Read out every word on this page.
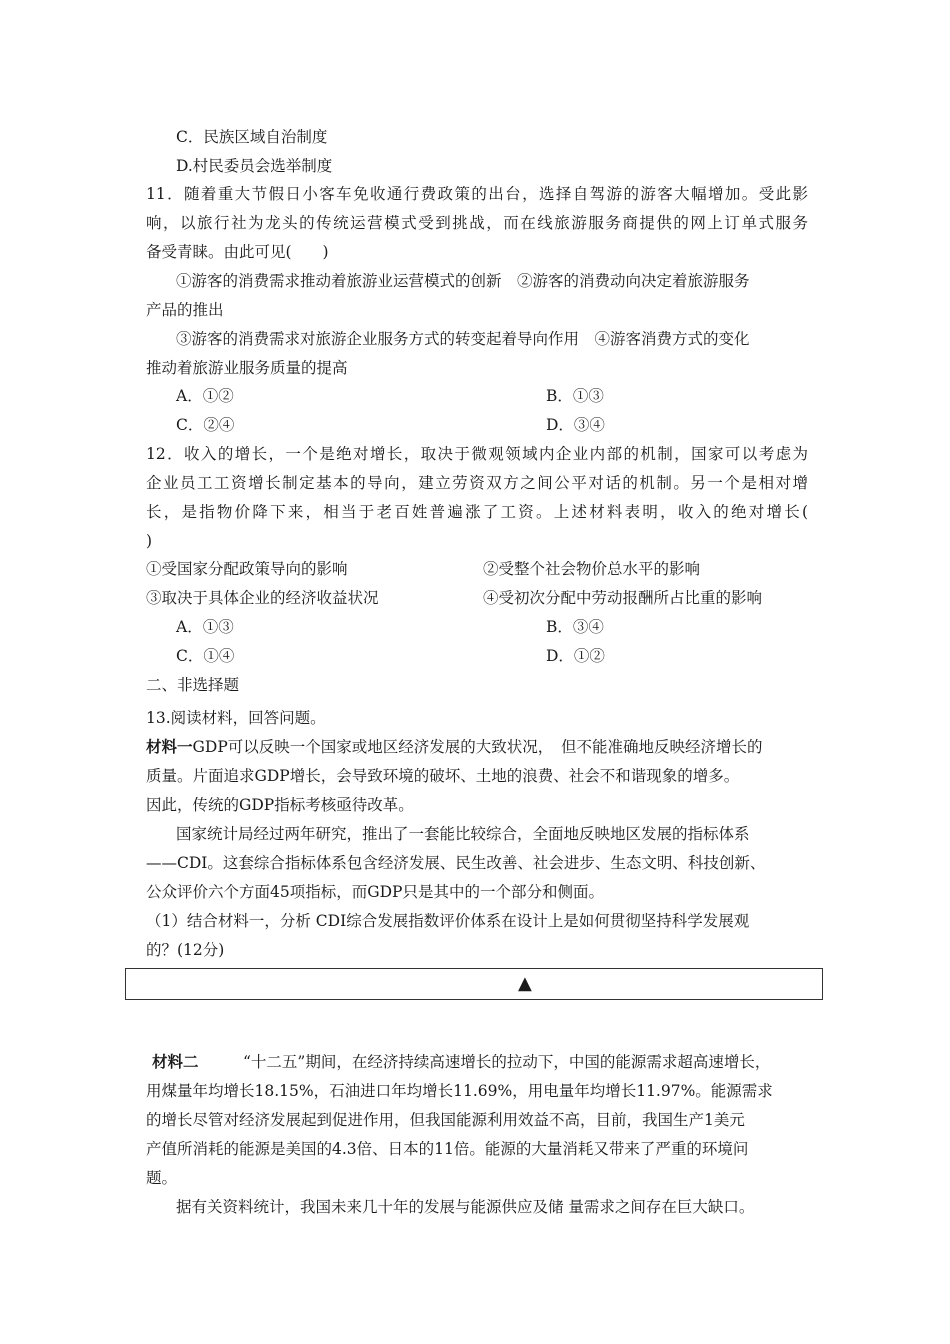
C．民族区域自治制度
D.村民委员会选举制度
11．随着重大节假日小客车免收通行费政策的出台，选择自驾游的游客大幅增加。受此影
响，以旅行社为龙头的传统运营模式受到挑战，而在线旅游服务商提供的网上订单式服务
备受青睐。由此可见(　　)
①游客的消费需求推动着旅游业运营模式的创新　②游客的消费动向决定着旅游服务
产品的推出
③游客的消费需求对旅游企业服务方式的转变起着导向作用　④游客消费方式的变化
推动着旅游业服务质量的提高
A．①②	B．①③
C．②④	D．③④
12．收入的增长，一个是绝对增长，取决于微观领域内企业内部的机制，国家可以考虑为
企业员工工资增长制定基本的导向，建立劳资双方之间公平对话的机制。另一个是相对增
长，是指物价降下来，相当于老百姓普遍涨了工资。上述材料表明，收入的绝对增长(
)
①受国家分配政策导向的影响	②受整个社会物价总水平的影响
③取决于具体企业的经济收益状况	④受初次分配中劳动报酬所占比重的影响
A．①③	B．③④
C．①④	D．①②
二、非选择题
13.阅读材料，回答问题。
材料一GDP可以反映一个国家或地区经济发展的大致状况，　但不能准确地反映经济增长的
质量。片面追求GDP增长，会导致环境的破坏、土地的浪费、社会不和谐现象的增多。
因此，传统的GDP指标考核亟待改革。
国家统计局经过两年研究，推出了一套能比较综合，全面地反映地区发展的指标体系
——CDI。这套综合指标体系包含经济发展、民生改善、社会进步、生态文明、科技创新、
公众评价六个方面45项指标，而GDP只是其中的一个部分和侧面。
（1）结合材料一，分析 CDI综合发展指数评价体系在设计上是如何贯彻坚持科学发展观
的？(12分)
▲
材料二	“十二五”期间，在经济持续高速增长的拉动下，中国的能源需求超高速增长，
用煤量年均增长18.15%，石油进口年均增长11.69%，用电量年均增长11.97%。能源需求
的增长尽管对经济发展起到促进作用，但我国能源利用效益不高，目前，我国生产1美元
产值所消耗的能源是美国的4.3倍、日本的11倍。能源的大量消耗又带来了严重的环境问
题。
据有关资料统计，我国未来几十年的发展与能源供应及储 量需求之间存在巨大缺口。
